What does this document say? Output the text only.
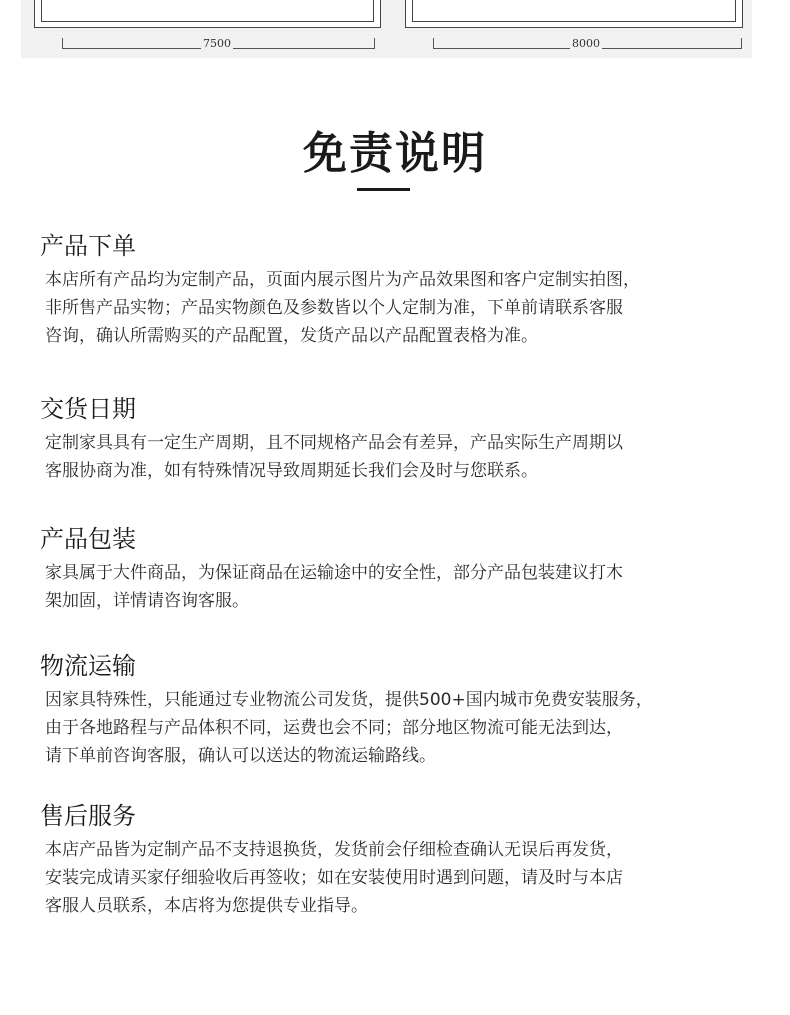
7500	8000
免责说明
产品下单

本店所有产品均为定制产品，页面内展示图片为产品效果图和客户定制实拍图，
非所售产品实物；产品实物颜色及参数皆以个人定制为准，下单前请联系客服
咨询，确认所需购买的产品配置，发货产品以产品配置表格为准。

交货日期

定制家具具有一定生产周期，且不同规格产品会有差异，产品实际生产周期以
客服协商为准，如有特殊情况导致周期延长我们会及时与您联系。

产品包装

家具属于大件商品，为保证商品在运输途中的安全性，部分产品包装建议打木
架加固，详情请咨询客服。

物流运输

因家具特殊性，只能通过专业物流公司发货，提供500+国内城市免费安装服务，
由于各地路程与产品体积不同，运费也会不同；部分地区物流可能无法到达，
请下单前咨询客服，确认可以送达的物流运输路线。

售后服务

本店产品皆为定制产品不支持退换货，发货前会仔细检查确认无误后再发货，
安装完成请买家仔细验收后再签收；如在安装使用时遇到问题，请及时与本店
客服人员联系，本店将为您提供专业指导。
